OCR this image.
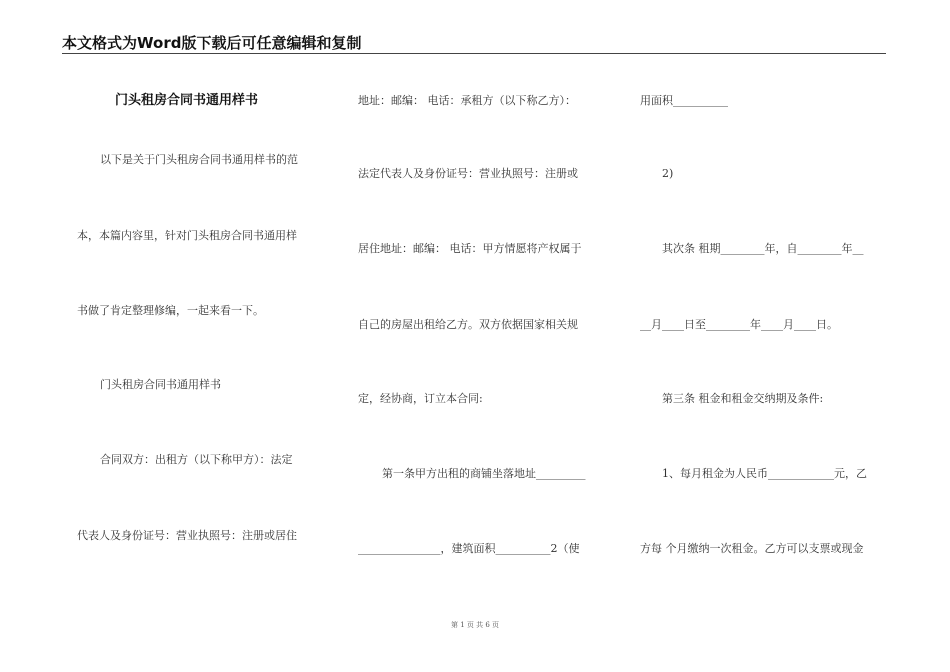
本文格式为Word版下载后可任意编辑和复制
门头租房合同书通用样书
以下是关于门头租房合同书通用样书的范
本，本篇内容里，针对门头租房合同书通用样
书做了肯定整理修编，一起来看一下。
门头租房合同书通用样书
合同双方：出租方（以下称甲方）：法定
代表人及身份证号：营业执照号：注册或居住
地址：邮编： 电话：承租方（以下称乙方）：
法定代表人及身份证号：营业执照号：注册或
居住地址：邮编： 电话：甲方情愿将产权属于
自己的房屋出租给乙方。双方依据国家相关规
定，经协商，订立本合同:
第一条甲方出租的商铺坐落地址_________
_______________，建筑面积__________2（使
用面积__________
2)
其次条 租期________年，自________年__
__月____日至________年____月____日。
第三条 租金和租金交纳期及条件:
1、每月租金为人民币____________元，乙
方每 个月缴纳一次租金。乙方可以支票或现金
第 1 页 共 6 页
